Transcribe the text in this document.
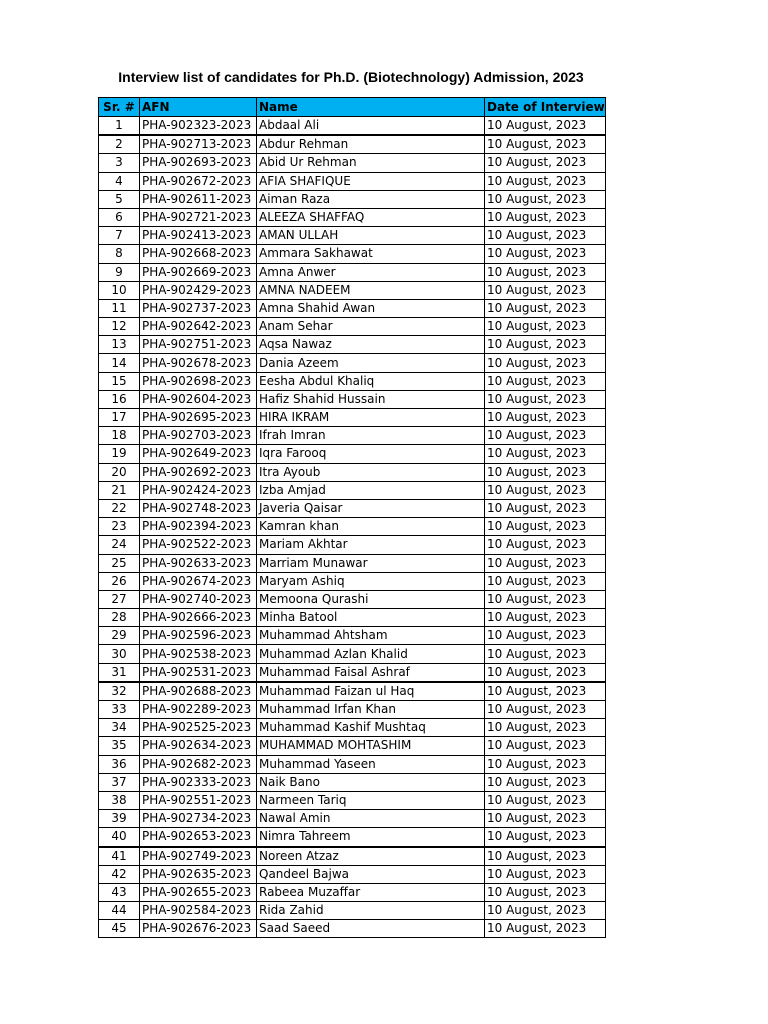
Interview list of candidates for Ph.D. (Biotechnology) Admission, 2023
Sr. #	AFN	Name	Date of Interview
1	PHA-902323-2023	Abdaal Ali	10 August, 2023
2	PHA-902713-2023	Abdur Rehman	10 August, 2023
3	PHA-902693-2023	Abid Ur Rehman	10 August, 2023
4	PHA-902672-2023	AFIA SHAFIQUE	10 August, 2023
5	PHA-902611-2023	Aiman Raza	10 August, 2023
6	PHA-902721-2023	ALEEZA SHAFFAQ	10 August, 2023
7	PHA-902413-2023	AMAN ULLAH	10 August, 2023
8	PHA-902668-2023	Ammara Sakhawat	10 August, 2023
9	PHA-902669-2023	Amna Anwer	10 August, 2023
10	PHA-902429-2023	AMNA NADEEM	10 August, 2023
11	PHA-902737-2023	Amna Shahid Awan	10 August, 2023
12	PHA-902642-2023	Anam Sehar	10 August, 2023
13	PHA-902751-2023	Aqsa Nawaz	10 August, 2023
14	PHA-902678-2023	Dania Azeem	10 August, 2023
15	PHA-902698-2023	Eesha Abdul Khaliq	10 August, 2023
16	PHA-902604-2023	Hafiz Shahid Hussain	10 August, 2023
17	PHA-902695-2023	HIRA IKRAM	10 August, 2023
18	PHA-902703-2023	Ifrah Imran	10 August, 2023
19	PHA-902649-2023	Iqra Farooq	10 August, 2023
20	PHA-902692-2023	Itra Ayoub	10 August, 2023
21	PHA-902424-2023	Izba Amjad	10 August, 2023
22	PHA-902748-2023	Javeria Qaisar	10 August, 2023
23	PHA-902394-2023	Kamran khan	10 August, 2023
24	PHA-902522-2023	Mariam Akhtar	10 August, 2023
25	PHA-902633-2023	Marriam Munawar	10 August, 2023
26	PHA-902674-2023	Maryam Ashiq	10 August, 2023
27	PHA-902740-2023	Memoona Qurashi	10 August, 2023
28	PHA-902666-2023	Minha Batool	10 August, 2023
29	PHA-902596-2023	Muhammad Ahtsham	10 August, 2023
30	PHA-902538-2023	Muhammad Azlan Khalid	10 August, 2023
31	PHA-902531-2023	Muhammad Faisal Ashraf	10 August, 2023
32	PHA-902688-2023	Muhammad Faizan ul Haq	10 August, 2023
33	PHA-902289-2023	Muhammad Irfan Khan	10 August, 2023
34	PHA-902525-2023	Muhammad Kashif Mushtaq	10 August, 2023
35	PHA-902634-2023	MUHAMMAD MOHTASHIM	10 August, 2023
36	PHA-902682-2023	Muhammad Yaseen	10 August, 2023
37	PHA-902333-2023	Naik Bano	10 August, 2023
38	PHA-902551-2023	Narmeen Tariq	10 August, 2023
39	PHA-902734-2023	Nawal Amin	10 August, 2023
40	PHA-902653-2023	Nimra Tahreem	10 August, 2023
41	PHA-902749-2023	Noreen Atzaz	10 August, 2023
42	PHA-902635-2023	Qandeel Bajwa	10 August, 2023
43	PHA-902655-2023	Rabeea Muzaffar	10 August, 2023
44	PHA-902584-2023	Rida Zahid	10 August, 2023
45	PHA-902676-2023	Saad Saeed	10 August, 2023
